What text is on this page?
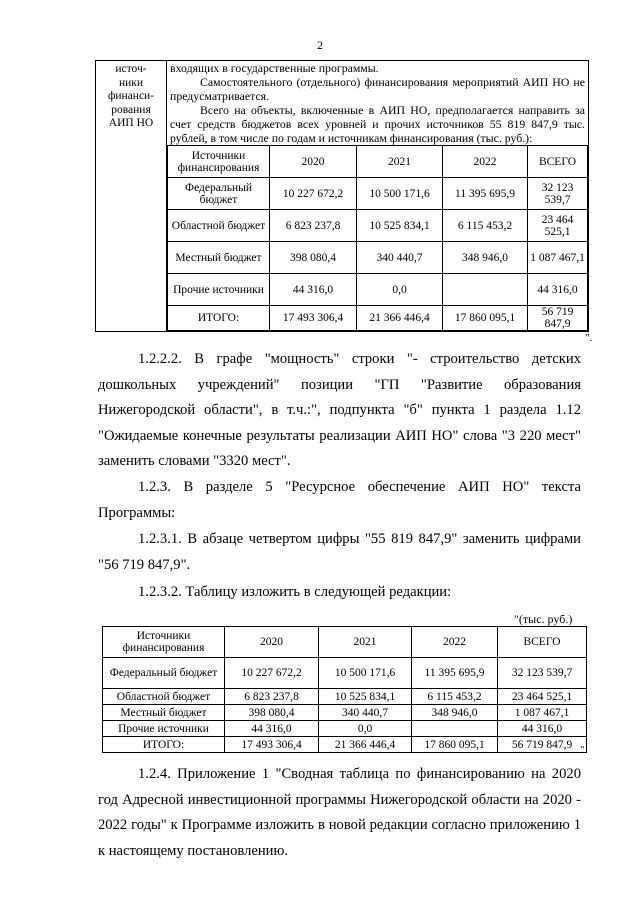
2
источ-
ники
финанси-
рования
АИП НО

входящих в государственные программы.
Самостоятельного (отдельного) финансирования мероприятий АИП НО не предусматривается.
Всего на объекты, включенные в АИП НО, предполагается направить за счет средств бюджетов всех уровней и прочих источников 55 819 847,9 тыс. рублей, в том числе по годам и источникам финансирования (тыс. руб.):
Источники финансирования	2020	2021	2022	ВСЕГО
Федеральный бюджет	10 227 672,2	10 500 171,6	11 395 695,9	32 123 539,7
Областной бюджет	6 823 237,8	10 525 834,1	6 115 453,2	23 464 525,1
Местный бюджет	398 080,4	340 440,7	348 946,0	1 087 467,1
Прочие источники	44 316,0	0,0		44 316,0
ИТОГО:	17 493 306,4	21 366 446,4	17 860 095,1	56 719 847,9
".
1.2.2.2. В графе "мощность" строки "- строительство детских дошкольных учреждений" позиции "ГП "Развитие образования Нижегородской области", в т.ч.:", подпункта "б" пункта 1 раздела 1.12 "Ожидаемые конечные результаты реализации АИП НО" слова "3 220 мест" заменить словами "3320 мест".
1.2.3. В разделе 5 "Ресурсное обеспечение АИП НО" текста Программы:
1.2.3.1. В абзаце четвертом цифры "55 819 847,9" заменить цифрами "56 719 847,9".
1.2.3.2. Таблицу изложить в следующей редакции:
"(тыс. руб.)
Источники финансирования	2020	2021	2022	ВСЕГО
Федеральный бюджет	10 227 672,2	10 500 171,6	11 395 695,9	32 123 539,7
Областной бюджет	6 823 237,8	10 525 834,1	6 115 453,2	23 464 525,1
Местный бюджет	398 080,4	340 440,7	348 946,0	1 087 467,1
Прочие источники	44 316,0	0,0		44 316,0
ИТОГО:	17 493 306,4	21 366 446,4	17 860 095,1	56 719 847,9 ".
1.2.4. Приложение 1 "Сводная таблица по финансированию на 2020 год Адресной инвестиционной программы Нижегородской области на 2020 - 2022 годы" к Программе изложить в новой редакции согласно приложению 1 к настоящему постановлению.
